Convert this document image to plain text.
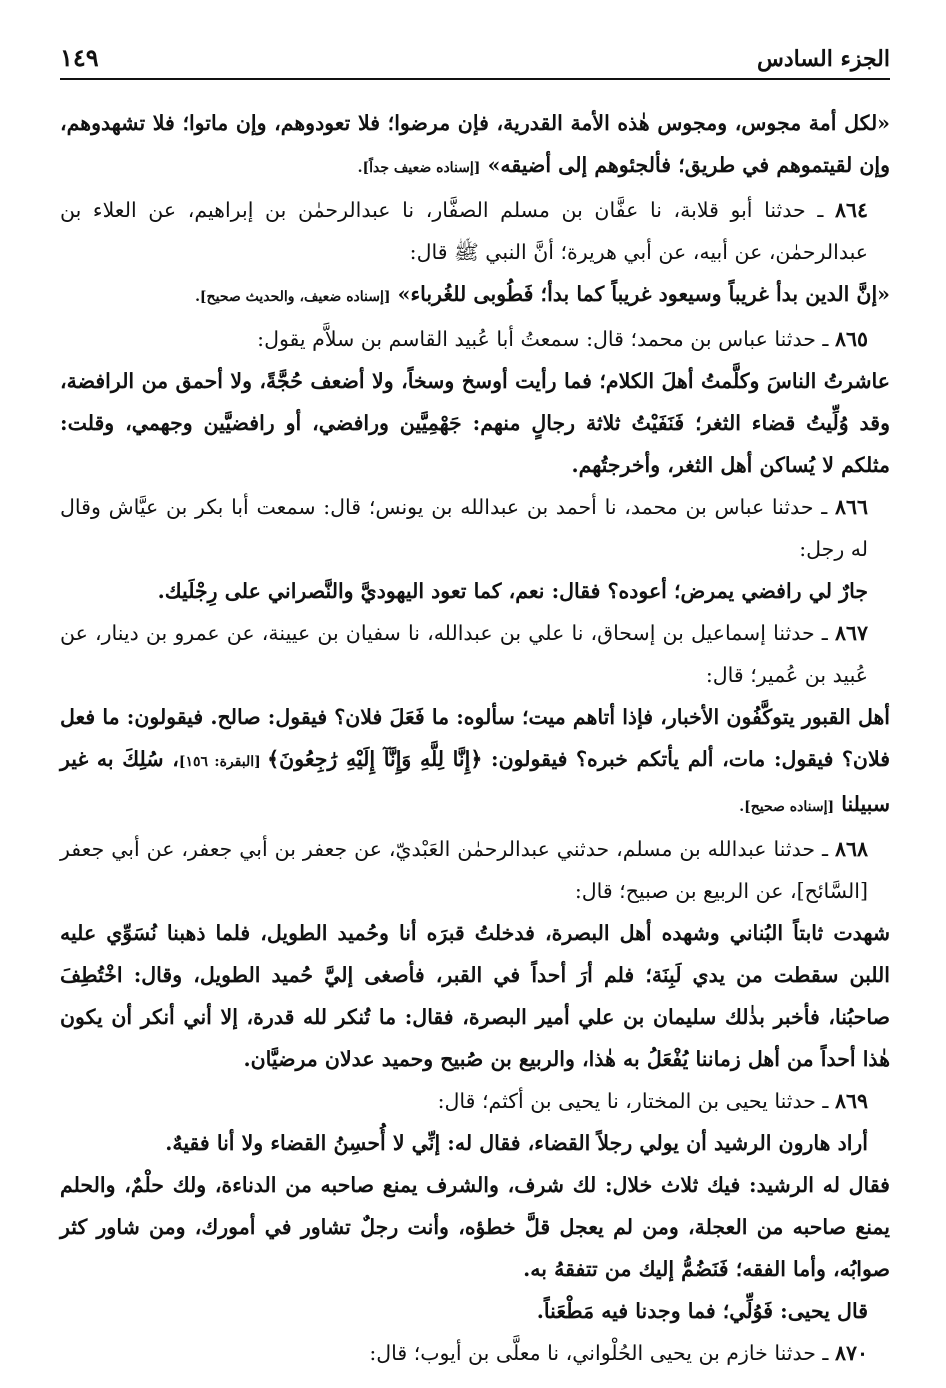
الجزء السادس
١٤٩

«لكل أمة مجوس، ومجوس هٰذه الأمة القدرية، فإن مرضوا؛ فلا تعودوهم، وإن ماتوا؛ فلا تشهدوهم، وإن لقيتموهم في طريق؛ فألجئوهم إلى أضيقه» [إسناده ضعيف جداً].

٨٦٤ ـ حدثنا أبو قلابة، نا عفَّان بن مسلم الصفَّار، نا عبدالرحمٰن بن إبراهيم، عن العلاء بن عبدالرحمٰن، عن أبيه، عن أبي هريرة؛ أنَّ النبي ﷺ قال:

«إنَّ الدين بدأ غريباً وسيعود غريباً كما بدأ؛ فَطُوبى للغُرباء» [إسناده ضعيف، والحديث صحيح].

٨٦٥ ـ حدثنا عباس بن محمد؛ قال: سمعتُ أبا عُبيد القاسم بن سلاَّم يقول:

عاشرتُ الناسَ وكلَّمتُ أهلَ الكلام؛ فما رأيت أوسخ وسخاً، ولا أضعف حُجَّةً، ولا أحمق من الرافضة، وقد وُلِّيتُ قضاء الثغر؛ فَنَفَيْتُ ثلاثة رجالٍ منهم: جَهْمِيَّين ورافضي، أو رافضيَّين وجهمي، وقلت: مثلكم لا يُساكن أهل الثغر، وأخرجتُهم.

٨٦٦ ـ حدثنا عباس بن محمد، نا أحمد بن عبدالله بن يونس؛ قال: سمعت أبا بكر بن عيَّاش وقال له رجل:

جارٌ لي رافضي يمرض؛ أعوده؟ فقال: نعم، كما تعود اليهوديَّ والنَّصراني على رِجْلَيك.

٨٦٧ ـ حدثنا إسماعيل بن إسحاق، نا علي بن عبدالله، نا سفيان بن عيينة، عن عمرو بن دينار، عن عُبيد بن عُمير؛ قال:

أهل القبور يتوكَّفُون الأخبار، فإذا أتاهم ميت؛ سألوه: ما فَعَلَ فلان؟ فيقول: صالح. فيقولون: ما فعل فلان؟ فيقول: مات، ألم يأتكم خبره؟ فيقولون: ﴿إِنَّا لِلَّهِ وَإِنَّآ إِلَيْهِ رَٰجِعُونَ﴾ [البقرة: ١٥٦]، سُلِكَ به غير سبيلنا [إسناده صحيح].

٨٦٨ ـ حدثنا عبدالله بن مسلم، حدثني عبدالرحمٰن العَبْديّ، عن جعفر بن أبي جعفر، عن أبي جعفر [السَّائح]، عن الربيع بن صبيح؛ قال:

شهدت ثابتاً البُناني وشهده أهل البصرة، فدخلتُ قبرَه أنا وحُميد الطويل، فلما ذهبنا نُسَوِّي عليه اللبن سقطت من يدي لَبِنَة؛ فلم أرَ أحداً في القبر، فأصغى إليَّ حُميد الطويل، وقال: اخْتُطِفَ صاحبُنا، فأخبر بذٰلك سليمان بن علي أمير البصرة، فقال: ما تُنكر لله قدرة، إلا أني أنكر أن يكون هٰذا أحداً من أهل زماننا يُفْعَلُ به هٰذا، والربيع بن صُبيح وحميد عدلان مرضيَّان.

٨٦٩ ـ حدثنا يحيى بن المختار، نا يحيى بن أكثم؛ قال:

أراد هارون الرشيد أن يولي رجلاً القضاء، فقال له: إنِّي لا أُحسِنُ القضاء ولا أنا فقيهٌ.

فقال له الرشيد: فيك ثلاث خلال: لك شرف، والشرف يمنع صاحبه من الدناءة، ولك حلْمٌ، والحلم يمنع صاحبه من العجلة، ومن لم يعجل قلَّ خطؤه، وأنت رجلٌ تشاور في أمورك، ومن شاور كثر صوابُه، وأما الفقه؛ فَنَضُمُّ إليك من تتفقهُ به.

قال يحيى: فَوُلِّي؛ فما وجدنا فيه مَطْعَناً.

٨٧٠ ـ حدثنا خازم بن يحيى الحُلْواني، نا معلَّى بن أيوب؛ قال:
